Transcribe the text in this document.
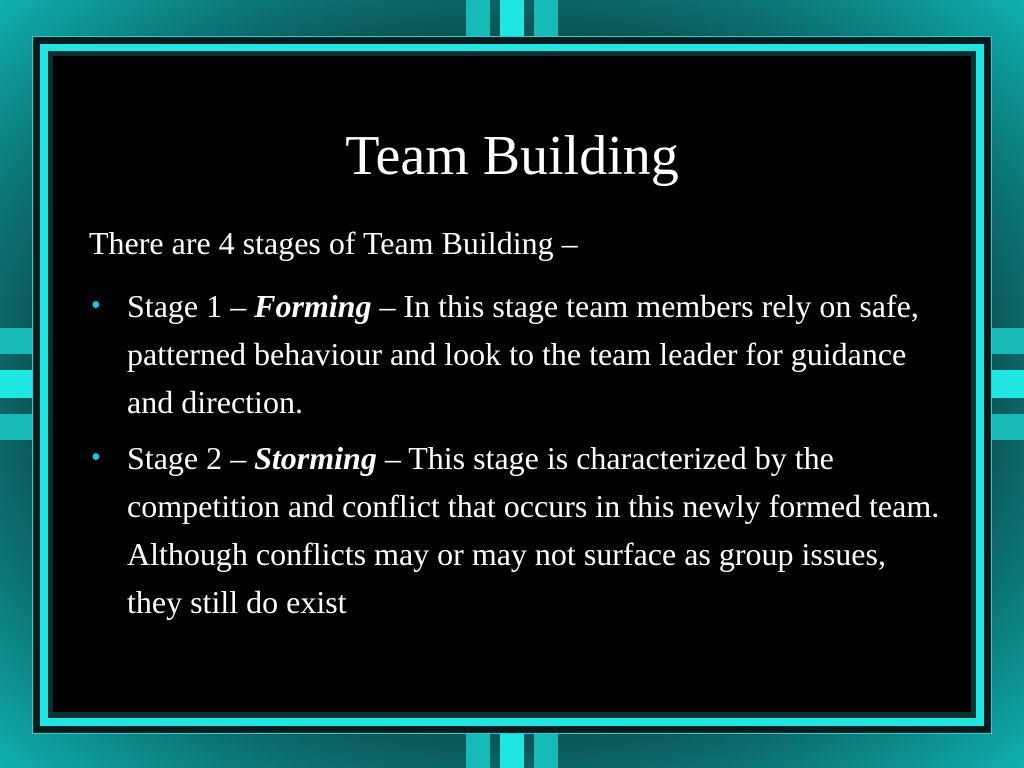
Team Building
There are 4 stages of Team Building –
• Stage 1 – Forming – In this stage team members rely on safe, patterned behaviour and look to the team leader for guidance and direction.
• Stage 2 – Storming – This stage is characterized by the competition and conflict that occurs in this newly formed team. Although conflicts may or may not surface as group issues, they still do exist
